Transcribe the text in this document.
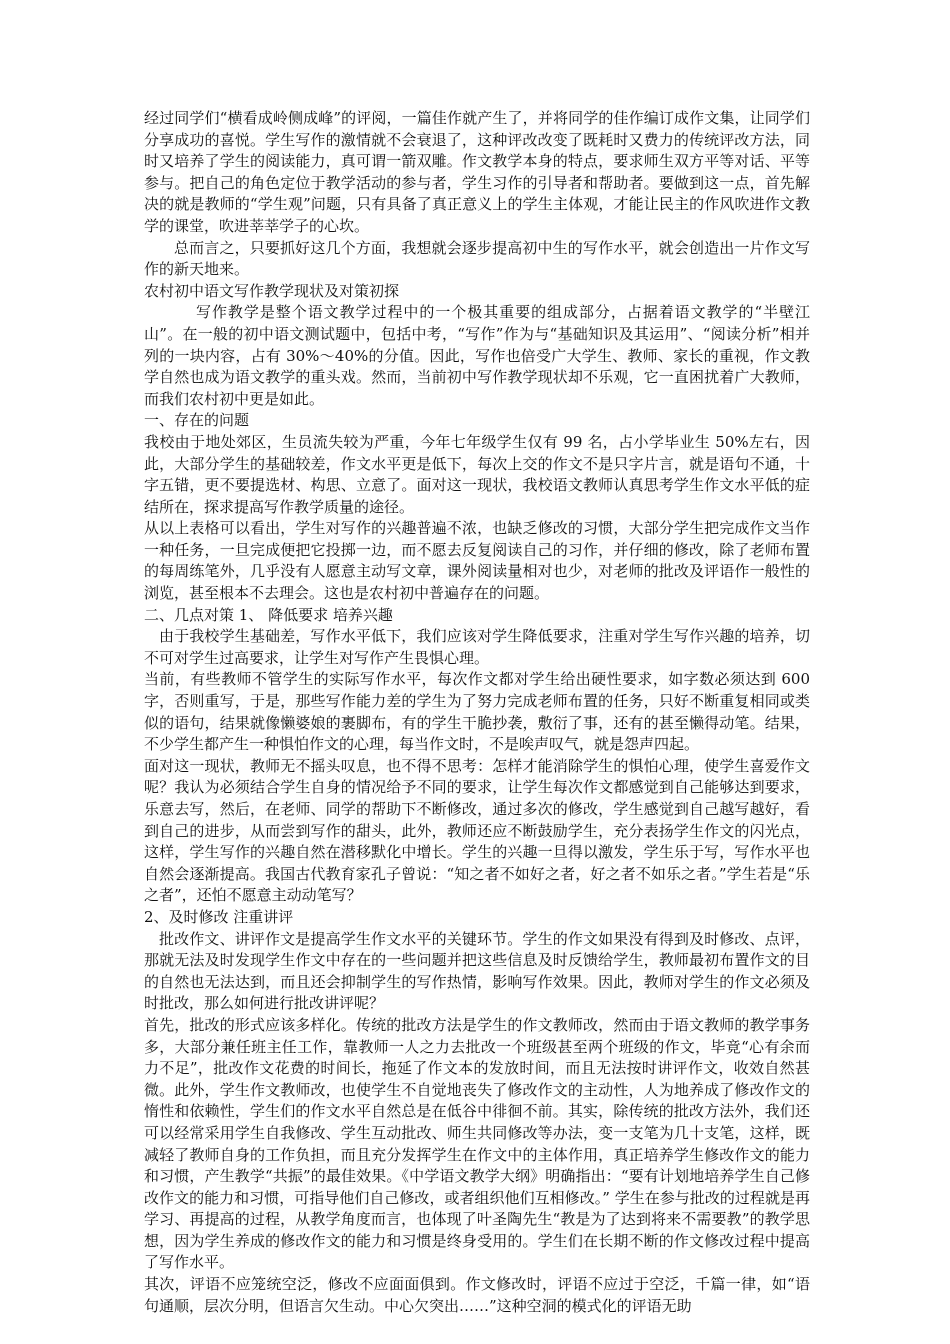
经过同学们“横看成岭侧成峰”的评阅，一篇佳作就产生了，并将同学的佳作编订成作文集，让同学们分享成功的喜悦。学生写作的激情就不会衰退了，这种评改改变了既耗时又费力的传统评改方法，同时又培养了学生的阅读能力，真可谓一箭双雕。作文教学本身的特点，要求师生双方平等对话、平等参与。把自己的角色定位于教学活动的参与者，学生习作的引导者和帮助者。要做到这一点，首先解决的就是教师的“学生观”问题，只有具备了真正意义上的学生主体观，才能让民主的作风吹进作文教学的课堂，吹进莘莘学子的心坎。

总而言之，只要抓好这几个方面，我想就会逐步提高初中生的写作水平，就会创造出一片作文写作的新天地来。

农村初中语文写作教学现状及对策初探

写作教学是整个语文教学过程中的一个极其重要的组成部分，占据着语文教学的“半壁江山”。在一般的初中语文测试题中，包括中考，“写作”作为与“基础知识及其运用”、“阅读分析”相并列的一块内容，占有 30%～40%的分值。因此，写作也倍受广大学生、教师、家长的重视，作文教学自然也成为语文教学的重头戏。然而，当前初中写作教学现状却不乐观，它一直困扰着广大教师，而我们农村初中更是如此。

一、存在的问题

我校由于地处郊区，生员流失较为严重，今年七年级学生仅有 99 名，占小学毕业生 50%左右，因此，大部分学生的基础较差，作文水平更是低下，每次上交的作文不是只字片言，就是语句不通，十字五错，更不要提选材、构思、立意了。面对这一现状，我校语文教师认真思考学生作文水平低的症结所在，探求提高写作教学质量的途径。

从以上表格可以看出，学生对写作的兴趣普遍不浓，也缺乏修改的习惯，大部分学生把完成作文当作一种任务，一旦完成便把它投掷一边，而不愿去反复阅读自己的习作，并仔细的修改，除了老师布置的每周练笔外，几乎没有人愿意主动写文章，课外阅读量相对也少，对老师的批改及评语作一般性的浏览，甚至根本不去理会。这也是农村初中普遍存在的问题。

二、几点对策 1、 降低要求 培养兴趣

由于我校学生基础差，写作水平低下，我们应该对学生降低要求，注重对学生写作兴趣的培养，切不可对学生过高要求，让学生对写作产生畏惧心理。

当前，有些教师不管学生的实际写作水平，每次作文都对学生给出硬性要求，如字数必须达到 600 字，否则重写，于是，那些写作能力差的学生为了努力完成老师布置的任务，只好不断重复相同或类似的语句，结果就像懒婆娘的裹脚布，有的学生干脆抄袭，敷衍了事，还有的甚至懒得动笔。结果，不少学生都产生一种惧怕作文的心理，每当作文时，不是唉声叹气，就是怨声四起。

面对这一现状，教师无不摇头叹息，也不得不思考：怎样才能消除学生的惧怕心理，使学生喜爱作文呢？我认为必须结合学生自身的情况给予不同的要求，让学生每次作文都感觉到自己能够达到要求，乐意去写，然后，在老师、同学的帮助下不断修改，通过多次的修改，学生感觉到自己越写越好，看到自己的进步，从而尝到写作的甜头，此外，教师还应不断鼓励学生，充分表扬学生作文的闪光点，这样，学生写作的兴趣自然在潜移默化中增长。学生的兴趣一旦得以激发，学生乐于写，写作水平也自然会逐渐提高。我国古代教育家孔子曾说：“知之者不如好之者，好之者不如乐之者。”学生若是“乐之者”，还怕不愿意主动动笔写？

2、及时修改 注重讲评

批改作文、讲评作文是提高学生作文水平的关键环节。学生的作文如果没有得到及时修改、点评，那就无法及时发现学生作文中存在的一些问题并把这些信息及时反馈给学生，教师最初布置作文的目的自然也无法达到，而且还会抑制学生的写作热情，影响写作效果。因此，教师对学生的作文必须及时批改，那么如何进行批改讲评呢？

首先，批改的形式应该多样化。传统的批改方法是学生的作文教师改，然而由于语文教师的教学事务多，大部分兼任班主任工作，靠教师一人之力去批改一个班级甚至两个班级的作文，毕竟“心有余而力不足”，批改作文花费的时间长，拖延了作文本的发放时间，而且无法按时讲评作文，收效自然甚微。此外，学生作文教师改，也使学生不自觉地丧失了修改作文的主动性，人为地养成了修改作文的惰性和依赖性，学生们的作文水平自然总是在低谷中徘徊不前。其实，除传统的批改方法外，我们还可以经常采用学生自我修改、学生互动批改、师生共同修改等办法，变一支笔为几十支笔，这样，既减轻了教师自身的工作负担，而且充分发挥学生在作文中的主体作用，真正培养学生修改作文的能力和习惯，产生教学“共振”的最佳效果。《中学语文教学大纲》明确指出：“要有计划地培养学生自己修改作文的能力和习惯，可指导他们自己修改，或者组织他们互相修改。” 学生在参与批改的过程就是再学习、再提高的过程，从教学角度而言，也体现了叶圣陶先生“教是为了达到将来不需要教”的教学思想，因为学生养成的修改作文的能力和习惯是终身受用的。学生们在长期不断的作文修改过程中提高了写作水平。

其次，评语不应笼统空泛，修改不应面面俱到。作文修改时，评语不应过于空泛，千篇一律，如“语句通顺，层次分明，但语言欠生动。中心欠突出……”这种空洞的模式化的评语无助
